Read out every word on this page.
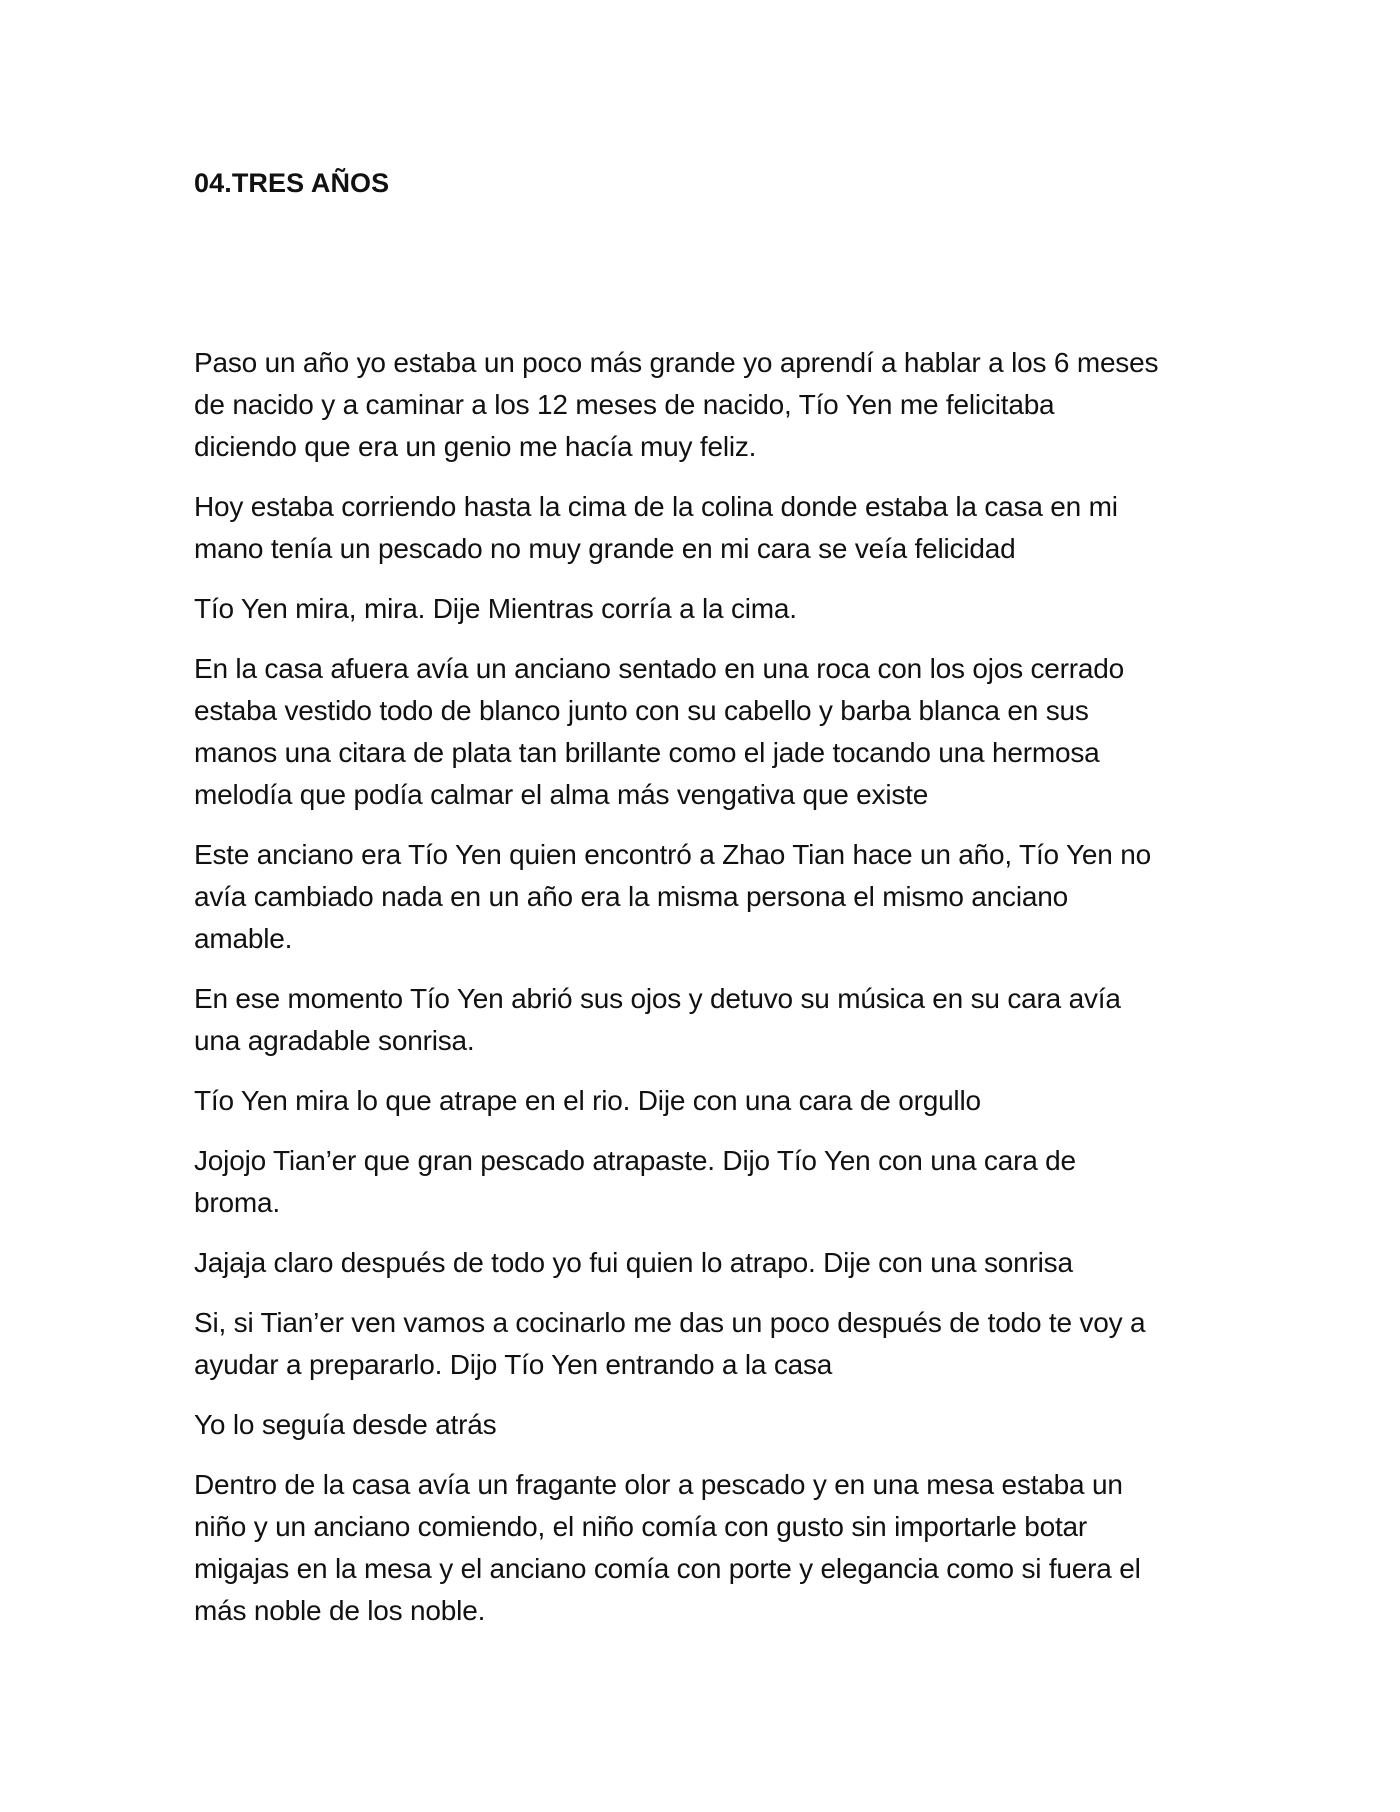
04.TRES AÑOS

Paso un año yo estaba un poco más grande yo aprendí a hablar a los 6 meses
de nacido y a caminar a los 12 meses de nacido, Tío Yen me felicitaba
diciendo que era un genio me hacía muy feliz.

Hoy estaba corriendo hasta la cima de la colina donde estaba la casa en mi
mano tenía un pescado no muy grande en mi cara se veía felicidad

Tío Yen mira, mira. Dije Mientras corría a la cima.

En la casa afuera avía un anciano sentado en una roca con los ojos cerrado
estaba vestido todo de blanco junto con su cabello y barba blanca en sus
manos una citara de plata tan brillante como el jade tocando una hermosa
melodía que podía calmar el alma más vengativa que existe

Este anciano era Tío Yen quien encontró a Zhao Tian hace un año, Tío Yen no
avía cambiado nada en un año era la misma persona el mismo anciano
amable.

En ese momento Tío Yen abrió sus ojos y detuvo su música en su cara avía
una agradable sonrisa.

Tío Yen mira lo que atrape en el rio. Dije con una cara de orgullo

Jojojo Tian’er que gran pescado atrapaste. Dijo Tío Yen con una cara de
broma.

Jajaja claro después de todo yo fui quien lo atrapo. Dije con una sonrisa

Si, si Tian’er ven vamos a cocinarlo me das un poco después de todo te voy a
ayudar a prepararlo. Dijo Tío Yen entrando a la casa

Yo lo seguía desde atrás

Dentro de la casa avía un fragante olor a pescado y en una mesa estaba un
niño y un anciano comiendo, el niño comía con gusto sin importarle botar
migajas en la mesa y el anciano comía con porte y elegancia como si fuera el
más noble de los noble.
